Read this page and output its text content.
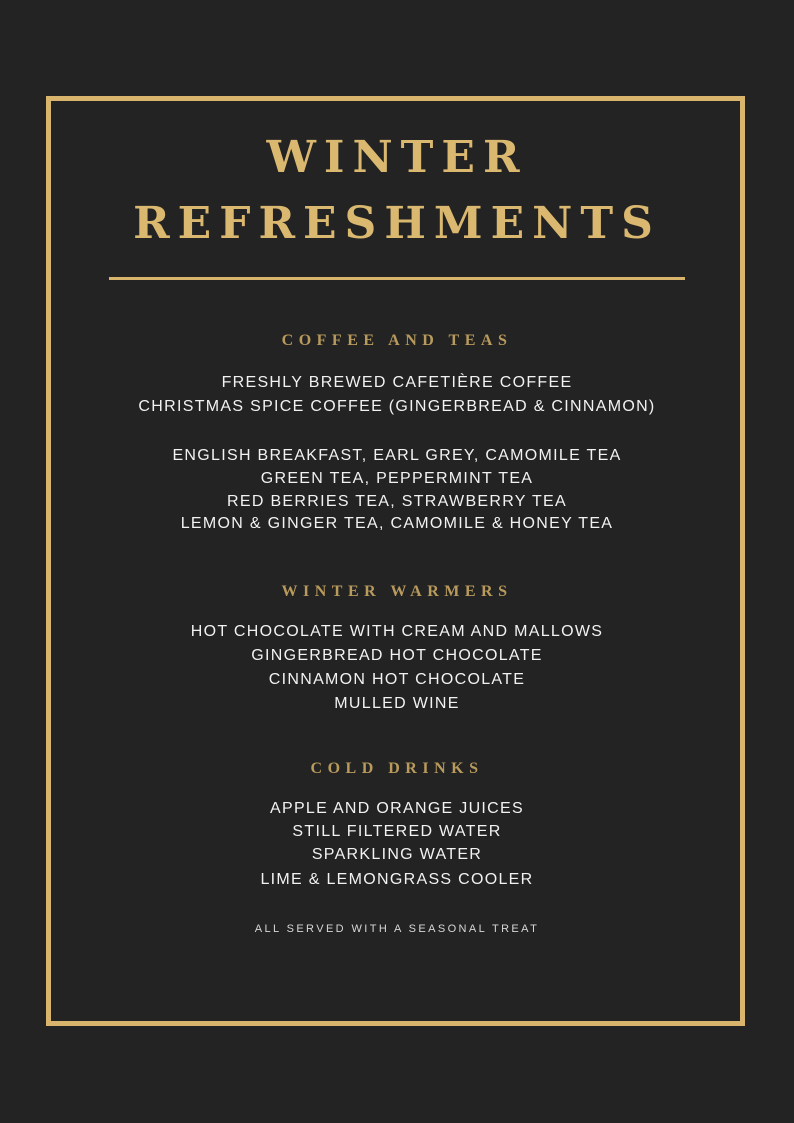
WINTER
REFRESHMENTS
COFFEE AND TEAS

FRESHLY BREWED CAFETIÈRE COFFEE

CHRISTMAS SPICE COFFEE (GINGERBREAD & CINNAMON)

ENGLISH BREAKFAST, EARL GREY, CAMOMILE TEA

GREEN TEA, PEPPERMINT TEA

RED BERRIES TEA, STRAWBERRY TEA

LEMON & GINGER TEA, CAMOMILE & HONEY TEA

WINTER WARMERS

HOT CHOCOLATE WITH CREAM AND MALLOWS

GINGERBREAD HOT CHOCOLATE

CINNAMON HOT CHOCOLATE

MULLED WINE

COLD DRINKS

APPLE AND ORANGE JUICES

STILL FILTERED WATER

SPARKLING WATER

LIME & LEMONGRASS COOLER

ALL SERVED WITH A SEASONAL TREAT
